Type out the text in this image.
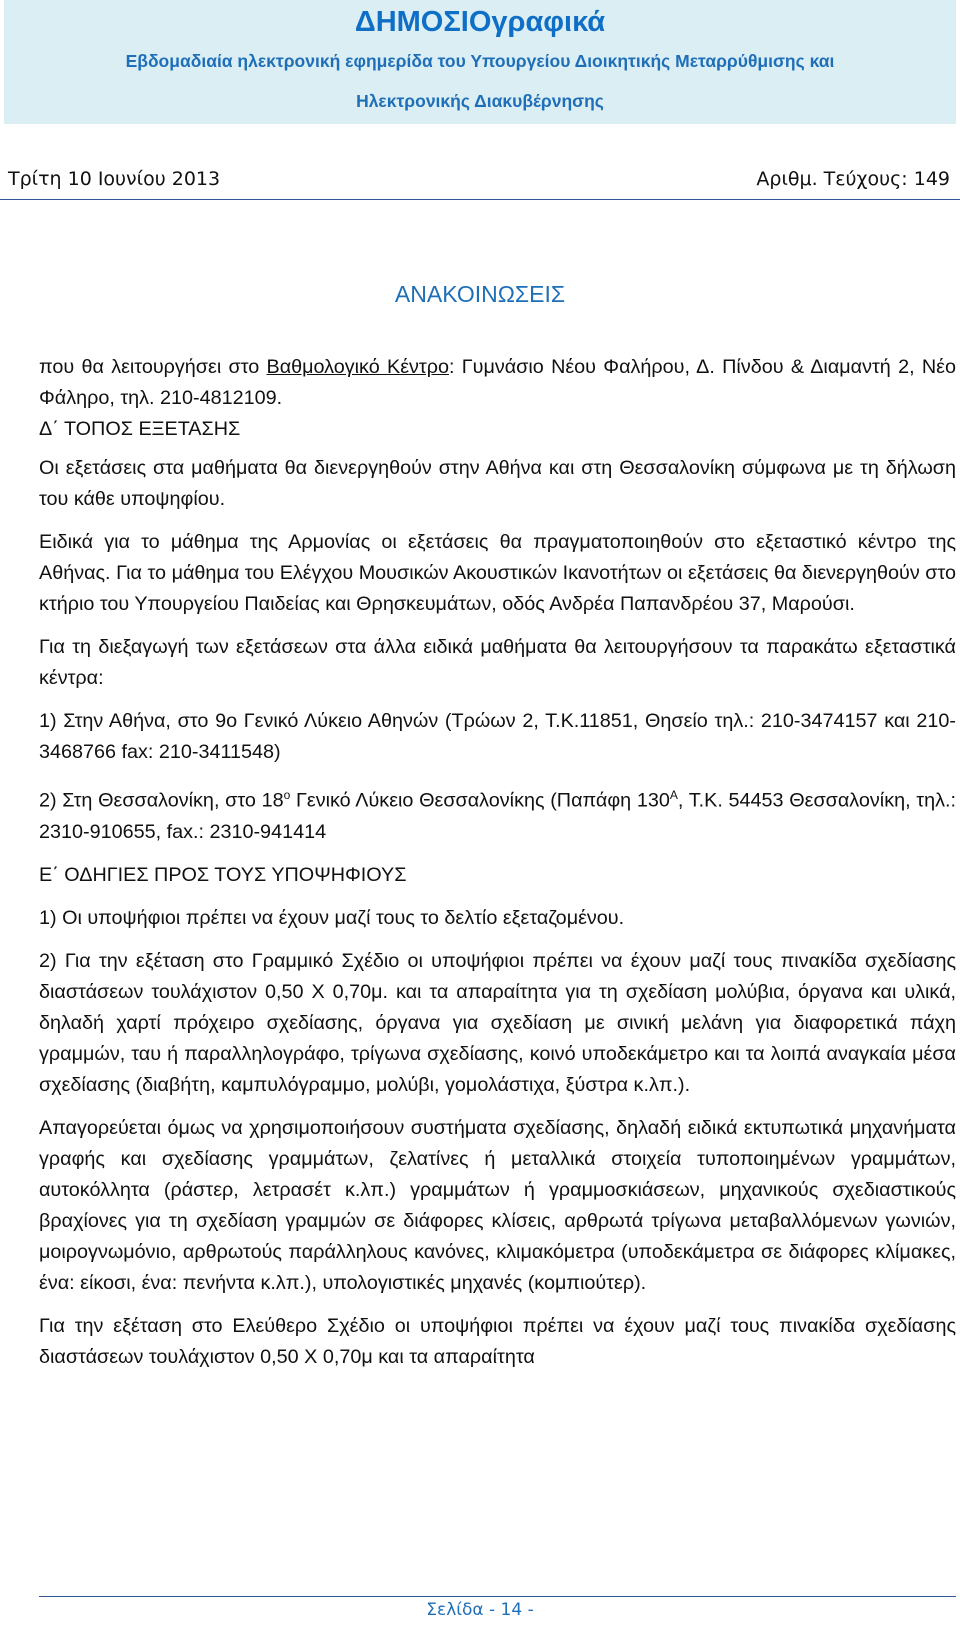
ΔΗΜΟΣΙΟγραφικά
Εβδομαδιαία ηλεκτρονική εφημερίδα του Υπουργείου Διοικητικής Μεταρρύθμισης και
Ηλεκτρονικής Διακυβέρνησης
Τρίτη 10 Ιουνίου 2013	Αριθμ. Τεύχους: 149
ΑΝΑΚΟΙΝΩΣΕΙΣ

που θα λειτουργήσει στο Βαθμολογικό Κέντρο: Γυμνάσιο Νέου Φαλήρου, Δ. Πίνδου & Διαμαντή 2, Νέο Φάληρο, τηλ. 210-4812109.

Δ΄ ΤΟΠΟΣ ΕΞΕΤΑΣΗΣ

Οι εξετάσεις στα μαθήματα θα διενεργηθούν στην Αθήνα και στη Θεσσαλονίκη σύμφωνα με τη δήλωση του κάθε υποψηφίου.

Ειδικά για το μάθημα της Αρμονίας οι εξετάσεις θα πραγματοποιηθούν στο εξεταστικό κέντρο της Αθήνας. Για το μάθημα του Ελέγχου Μουσικών Ακουστικών Ικανοτήτων οι εξετάσεις θα διενεργηθούν στο κτήριο του Υπουργείου Παιδείας και Θρησκευμάτων, οδός Ανδρέα Παπανδρέου 37, Μαρούσι.

Για τη διεξαγωγή των εξετάσεων στα άλλα ειδικά μαθήματα θα λειτουργήσουν τα παρακάτω εξεταστικά κέντρα:

1) Στην Αθήνα, στο 9ο Γενικό Λύκειο Αθηνών (Τρώων 2, Τ.Κ.11851, Θησείο τηλ.: 210-3474157 και 210-3468766 fax: 210-3411548)

2) Στη Θεσσαλονίκη, στο $18^o$ Γενικό Λύκειο Θεσσαλονίκης (Παπάφη $130^A$, Τ.Κ. 54453 Θεσσαλονίκη, τηλ.: 2310-910655, fax.: 2310-941414

Ε΄ ΟΔΗΓΙΕΣ ΠΡΟΣ ΤΟΥΣ ΥΠΟΨΗΦΙΟΥΣ

1) Οι υποψήφιοι πρέπει να έχουν μαζί τους το δελτίο εξεταζομένου.

2) Για την εξέταση στο Γραμμικό Σχέδιο οι υποψήφιοι πρέπει να έχουν μαζί τους πινακίδα σχεδίασης διαστάσεων τουλάχιστον 0,50 Χ 0,70μ. και τα απαραίτητα για τη σχεδίαση μολύβια, όργανα και υλικά, δηλαδή χαρτί πρόχειρο σχεδίασης, όργανα για σχεδίαση με σινική μελάνη για διαφορετικά πάχη γραμμών, ταυ ή παραλληλογράφο, τρίγωνα σχεδίασης, κοινό υποδεκάμετρο και τα λοιπά αναγκαία μέσα σχεδίασης (διαβήτη, καμπυλόγραμμο, μολύβι, γομολάστιχα, ξύστρα κ.λπ.).

Απαγορεύεται όμως να χρησιμοποιήσουν συστήματα σχεδίασης, δηλαδή ειδικά εκτυπωτικά μηχανήματα γραφής και σχεδίασης γραμμάτων, ζελατίνες ή μεταλλικά στοιχεία τυποποιημένων γραμμάτων, αυτοκόλλητα (ράστερ, λετρασέτ κ.λπ.) γραμμάτων ή γραμμοσκιάσεων, μηχανικούς σχεδιαστικούς βραχίονες για τη σχεδίαση γραμμών σε διάφορες κλίσεις, αρθρωτά τρίγωνα μεταβαλλόμενων γωνιών, μοιρογνωμόνιο, αρθρωτούς παράλληλους κανόνες, κλιμακόμετρα (υποδεκάμετρα σε διάφορες κλίμακες, ένα: είκοσι, ένα: πενήντα κ.λπ.), υπολογιστικές μηχανές (κομπιούτερ).

Για την εξέταση στο Ελεύθερο Σχέδιο οι υποψήφιοι πρέπει να έχουν μαζί τους πινακίδα σχεδίασης διαστάσεων τουλάχιστον 0,50 Χ 0,70μ και τα απαραίτητα

Σελίδα - 14 -
